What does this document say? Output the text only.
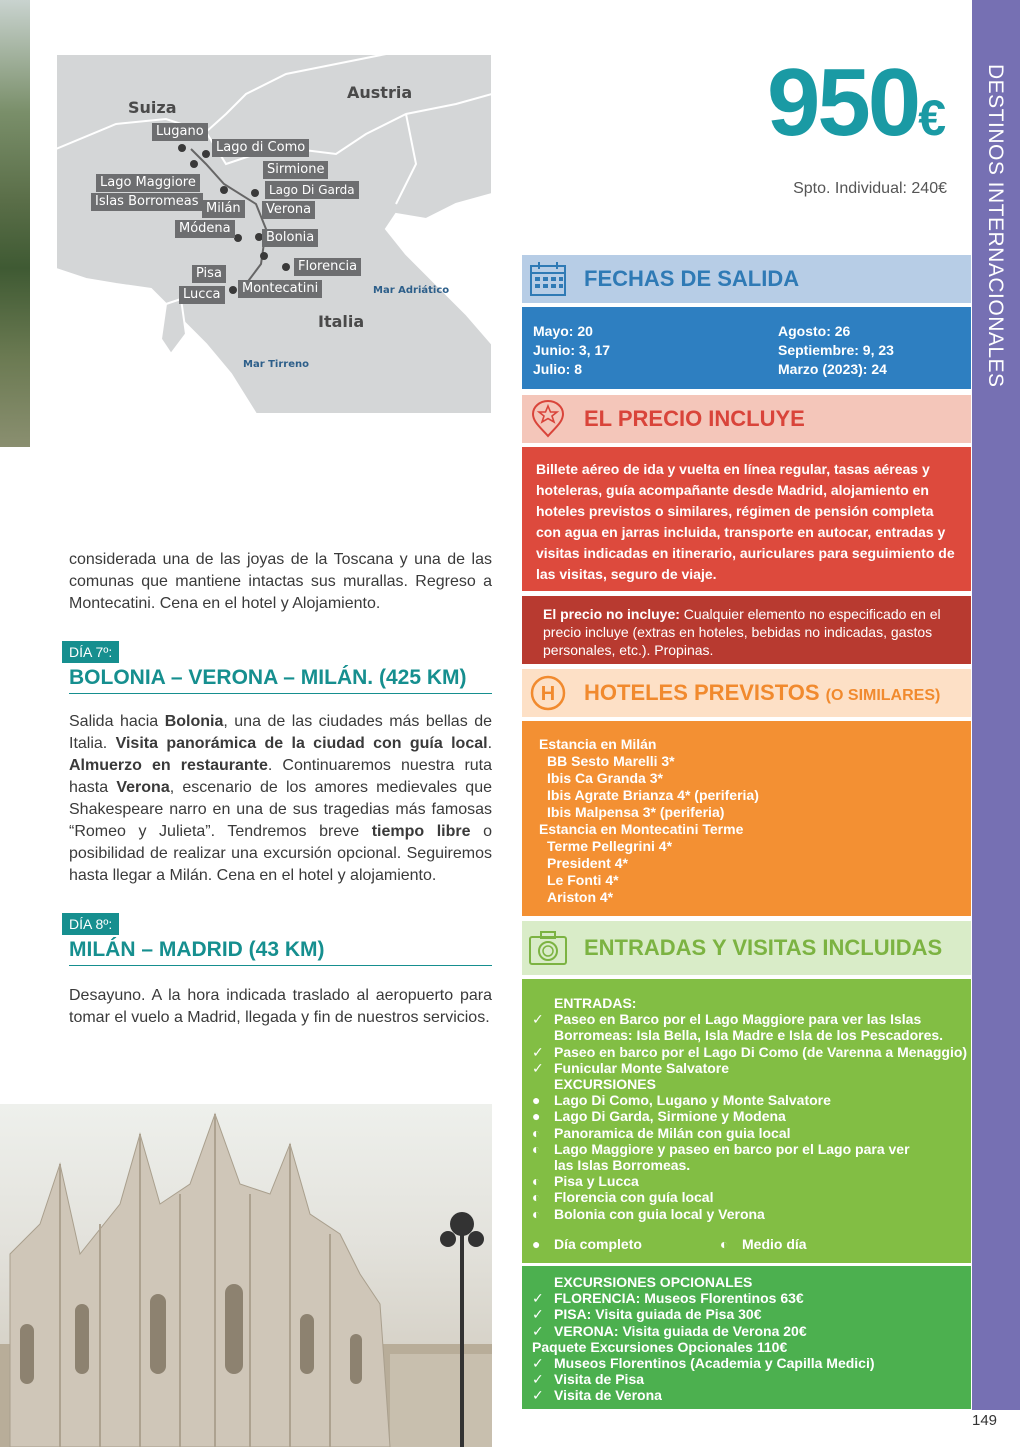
Suiza
Austria
Italia
Mar Adriático
Mar Tirreno
Lugano
Lago di Como
Sirmione
Lago Maggiore	Lago Di Garda
Islas Borromeas Milán	Verona
Módena
Bolonia
Florencia
Pisa
Lucca	Montecatini

considerada una de las joyas de la Toscana y una de las comunas que mantiene intactas sus murallas. Regreso a Montecatini. Cena en el hotel y Alojamiento.

DÍA 7º:
BOLONIA – VERONA – MILÁN. (425 KM)

Salida hacia Bolonia, una de las ciudades más bellas de Italia. Visita panorámica de la ciudad con guía local. Almuerzo en restaurante. Continuaremos nuestra ruta hasta Verona, escenario de los amores medievales que Shakespeare narro en una de sus tragedias más famosas “Romeo y Julieta”. Tendremos breve tiempo libre o posibilidad de realizar una excursión opcional. Seguiremos hasta llegar a Milán. Cena en el hotel y alojamiento.

DÍA 8º:
MILÁN – MADRID (43 KM)

Desayuno. A la hora indicada traslado al aeropuerto para tomar el vuelo a Madrid, llegada y fin de nuestros servicios.

950€
Spto. Individual: 240€
FECHAS DE SALIDA
Mayo: 20
Junio: 3, 17
Julio: 8
Agosto: 26
Septiembre: 9, 23
Marzo (2023): 24
EL PRECIO INCLUYE

Billete aéreo de ida y vuelta en línea regular, tasas aéreas y hoteleras, guía acompañante desde Madrid, alojamiento en hoteles previstos o similares, régimen de pensión completa con agua en jarras incluida, transporte en autocar, entradas y visitas indicadas en itinerario, auriculares para seguimiento de las visitas, seguro de viaje.

El precio no incluye: Cualquier elemento no especificado en el precio incluye (extras en hoteles, bebidas no indicadas, gastos personales, etc.). Propinas.

H HOTELES PREVISTOS (O SIMILARES)
Estancia en Milán
BB Sesto Marelli 3*
Ibis Ca Granda 3*
Ibis Agrate Brianza 4* (periferia)
Ibis Malpensa 3* (periferia)
Estancia en Montecatini Terme
Terme Pellegrini 4*
President 4*
Le Fonti 4*
Ariston 4*
ENTRADAS Y VISITAS INCLUIDAS
ENTRADAS:
✓ Paseo en Barco por el Lago Maggiore para ver las Islas
Borromeas: Isla Bella, Isla Madre e Isla de los Pescadores.
✓ Paseo en barco por el Lago Di Como (de Varenna a Menaggio)
✓ Funicular Monte Salvatore
EXCURSIONES
● Lago Di Como, Lugano y Monte Salvatore
● Lago Di Garda, Sirmione y Modena
◐ Panoramica de Milán con guia local
◐ Lago Maggiore y paseo en barco por el Lago para ver
las Islas Borromeas.
◐ Pisa y Lucca
◐ Florencia con guía local
◐ Bolonia con guia local y Verona
● Día completo
◐	Medio día
EXCURSIONES OPCIONALES
✓ FLORENCIA: Museos Florentinos 63€
✓ PISA: Visita guiada de Pisa 30€
✓ VERONA: Visita guiada de Verona 20€
Paquete Excursiones Opcionales 110€
✓ Museos Florentinos (Academia y Capilla Medici)
✓ Visita de Pisa
✓ Visita de Verona
DESTINOS INTERNACIONALES
149
